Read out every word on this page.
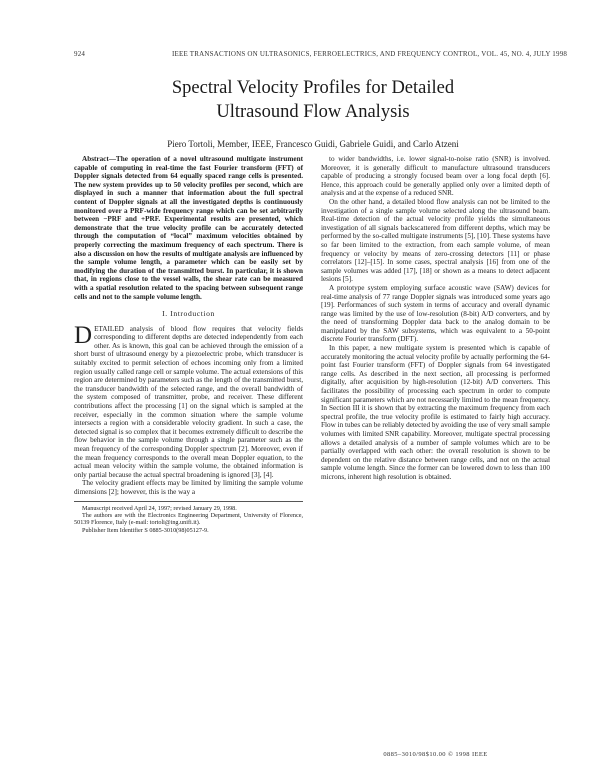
924	IEEE TRANSACTIONS ON ULTRASONICS, FERROELECTRICS, AND FREQUENCY CONTROL, VOL. 45, NO. 4, JULY 1998
Spectral Velocity Profiles for Detailed
Ultrasound Flow Analysis
Piero Tortoli, Member, IEEE, Francesco Guidi, Gabriele Guidi, and Carlo Atzeni

Abstract—The operation of a novel ultrasound multigate instrument capable of computing in real-time the fast Fourier transform (FFT) of Doppler signals detected from 64 equally spaced range cells is presented. The new system provides up to 50 velocity profiles per second, which are displayed in such a manner that information about the full spectral content of Doppler signals at all the investigated depths is continuously monitored over a PRF-wide frequency range which can be set arbitrarily between −PRF and +PRF. Experimental results are presented, which demonstrate that the true velocity profile can be accurately detected through the computation of “local” maximum velocities obtained by properly correcting the maximum frequency of each spectrum. There is also a discussion on how the results of multigate analysis are influenced by the sample volume length, a parameter which can be easily set by modifying the duration of the transmitted burst. In particular, it is shown that, in regions close to the vessel walls, the shear rate can be measured with a spatial resolution related to the spacing between subsequent range cells and not to the sample volume length.

I. Introduction

DETAILED analysis of blood flow requires that velocity fields corresponding to different depths are detected independently from each other. As is known, this goal can be achieved through the emission of a short burst of ultrasound energy by a piezoelectric probe, which transducer is suitably excited to permit selection of echoes incoming only from a limited region usually called range cell or sample volume. The actual extensions of this region are determined by parameters such as the length of the transmitted burst, the transducer bandwidth of the selected range, and the overall bandwidth of the system composed of transmitter, probe, and receiver. These different contributions affect the processing [1] on the signal which is sampled at the receiver, especially in the common situation where the sample volume intersects a region with a considerable velocity gradient. In such a case, the detected signal is so complex that it becomes extremely difficult to describe the flow behavior in the sample volume through a single parameter such as the mean frequency of the corresponding Doppler spectrum [2]. Moreover, even if the mean frequency corresponds to the overall mean Doppler equation, to the actual mean velocity within the sample volume, the obtained information is only partial because the actual spectral broadening is ignored [3], [4].

The velocity gradient effects may be limited by limiting the sample volume dimensions [2]; however, this is the way a

Manuscript received April 24, 1997; revised January 29, 1998.

The authors are with the Electronics Engineering Department, University of Florence, 50139 Florence, Italy (e-mail: tortoli@ing.unifi.it).

Publisher Item Identifier S 0885-3010(98)05127-9.

to wider bandwidths, i.e. lower signal-to-noise ratio (SNR) is involved. Moreover, it is generally difficult to manufacture ultrasound transducers capable of producing a strongly focused beam over a long focal depth [6]. Hence, this approach could be generally applied only over a limited depth of analysis and at the expense of a reduced SNR.

On the other hand, a detailed blood flow analysis can not be limited to the investigation of a single sample volume selected along the ultrasound beam. Real-time detection of the actual velocity profile yields the simultaneous investigation of all signals backscattered from different depths, which may be performed by the so-called multigate instruments [5], [10]. These systems have so far been limited to the extraction, from each sample volume, of mean frequency or velocity by means of zero-crossing detectors [11] or phase correlators [12]–[15]. In some cases, spectral analysis [16] from one of the sample volumes was added [17], [18] or shown as a means to detect adjacent lesions [5].

A prototype system employing surface acoustic wave (SAW) devices for real-time analysis of 77 range Doppler signals was introduced some years ago [19]. Performances of such system in terms of accuracy and overall dynamic range was limited by the use of low-resolution (8-bit) A/D converters, and by the need of transforming Doppler data back to the analog domain to be manipulated by the SAW subsystems, which was equivalent to a 50-point discrete Fourier transform (DFT).

In this paper, a new multigate system is presented which is capable of accurately monitoring the actual velocity profile by actually performing the 64-point fast Fourier transform (FFT) of Doppler signals from 64 investigated range cells. As described in the next section, all processing is performed digitally, after acquisition by high-resolution (12-bit) A/D converters. This facilitates the possibility of processing each spectrum in order to compute significant parameters which are not necessarily limited to the mean frequency. In Section III it is shown that by extracting the maximum frequency from each spectral profile, the true velocity profile is estimated to fairly high accuracy. Flow in tubes can be reliably detected by avoiding the use of very small sample volumes with limited SNR capability. Moreover, multigate spectral processing allows a detailed analysis of a number of sample volumes which are to be partially overlapped with each other: the overall resolution is shown to be dependent on the relative distance between range cells, and not on the actual sample volume length. Since the former can be lowered down to less than 100 microns, inherent high resolution is obtained.

0885–3010/98$10.00 © 1998 IEEE
